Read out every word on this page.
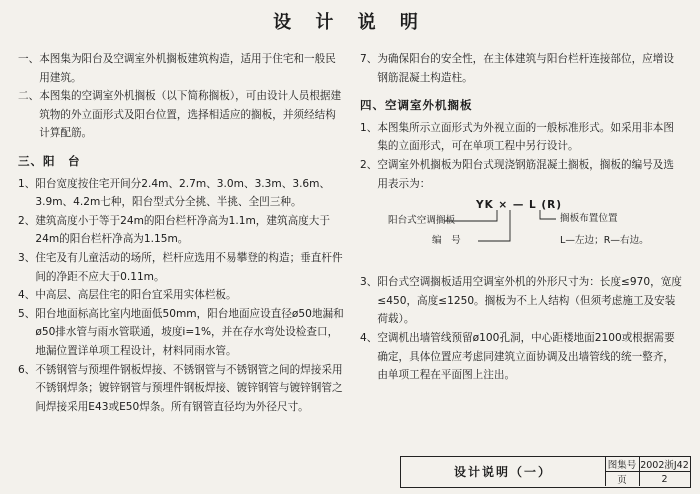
设 计 说 明
一、 本图集为阳台及空调室外机搁板建筑构造，适用于住宅和一般民用建筑。
二、 本图集的空调室外机搁板（以下简称搁板），可由设计人员根据建筑物的外立面形式及阳台位置，选择相适应的搁板，并须经结构计算配筋。
三、阳　台
1、 阳台宽度按住宅开间分2.4m、2.7m、3.0m、3.3m、3.6m、3.9m、4.2m七种，阳台型式分全挑、半挑、全凹三种。
2、 建筑高度小于等于24m的阳台栏杆净高为1.1m，建筑高度大于24m的阳台栏杆净高为1.15m。
3、 住宅及有儿童活动的场所，栏杆应选用不易攀登的构造；垂直杆件间的净距不应大于0.11m。
4、 中高层、高层住宅的阳台宜采用实体栏板。
5、 阳台地面标高比室内地面低50mm，阳台地面应设直径ø50地漏和ø50排水管与雨水管联通，坡度i=1%，并在存水弯处设检查口，地漏位置详单项工程设计，材料同雨水管。
6、 不锈钢管与预埋件钢板焊接、不锈钢管与不锈钢管之间的焊接采用不锈钢焊条；镀锌钢管与预埋件钢板焊接、镀锌钢管与镀锌钢管之间焊接采用E43或E50焊条。所有钢管直径均为外径尺寸。
7、 为确保阳台的安全性，在主体建筑与阳台栏杆连接部位，应增设钢筋混凝土构造柱。
四、空调室外机搁板
1、 本图集所示立面形式为外视立面的一般标准形式。如采用非本图集的立面形式，可在单项工程中另行设计。
2、 空调室外机搁板为阳台式现浇钢筋混凝土搁板，搁板的编号及选用表示为：
YK × — L (R)
阳台式空调搁板
编　号
搁板布置位置
L—左边；R—右边。
3、 阳台式空调搁板适用空调室外机的外形尺寸为：长度≤970，宽度≤450，高度≤1250。搁板为不上人结构（但须考虑施工及安装荷载）。
4、 空调机出墙管线预留ø100孔洞，中心距楼地面2100或根据需要确定，具体位置应考虑同建筑立面协调及出墙管线的统一整齐，由单项工程在平面图上注出。
设计说明（一）	图集号 2002浙J42
页	2
